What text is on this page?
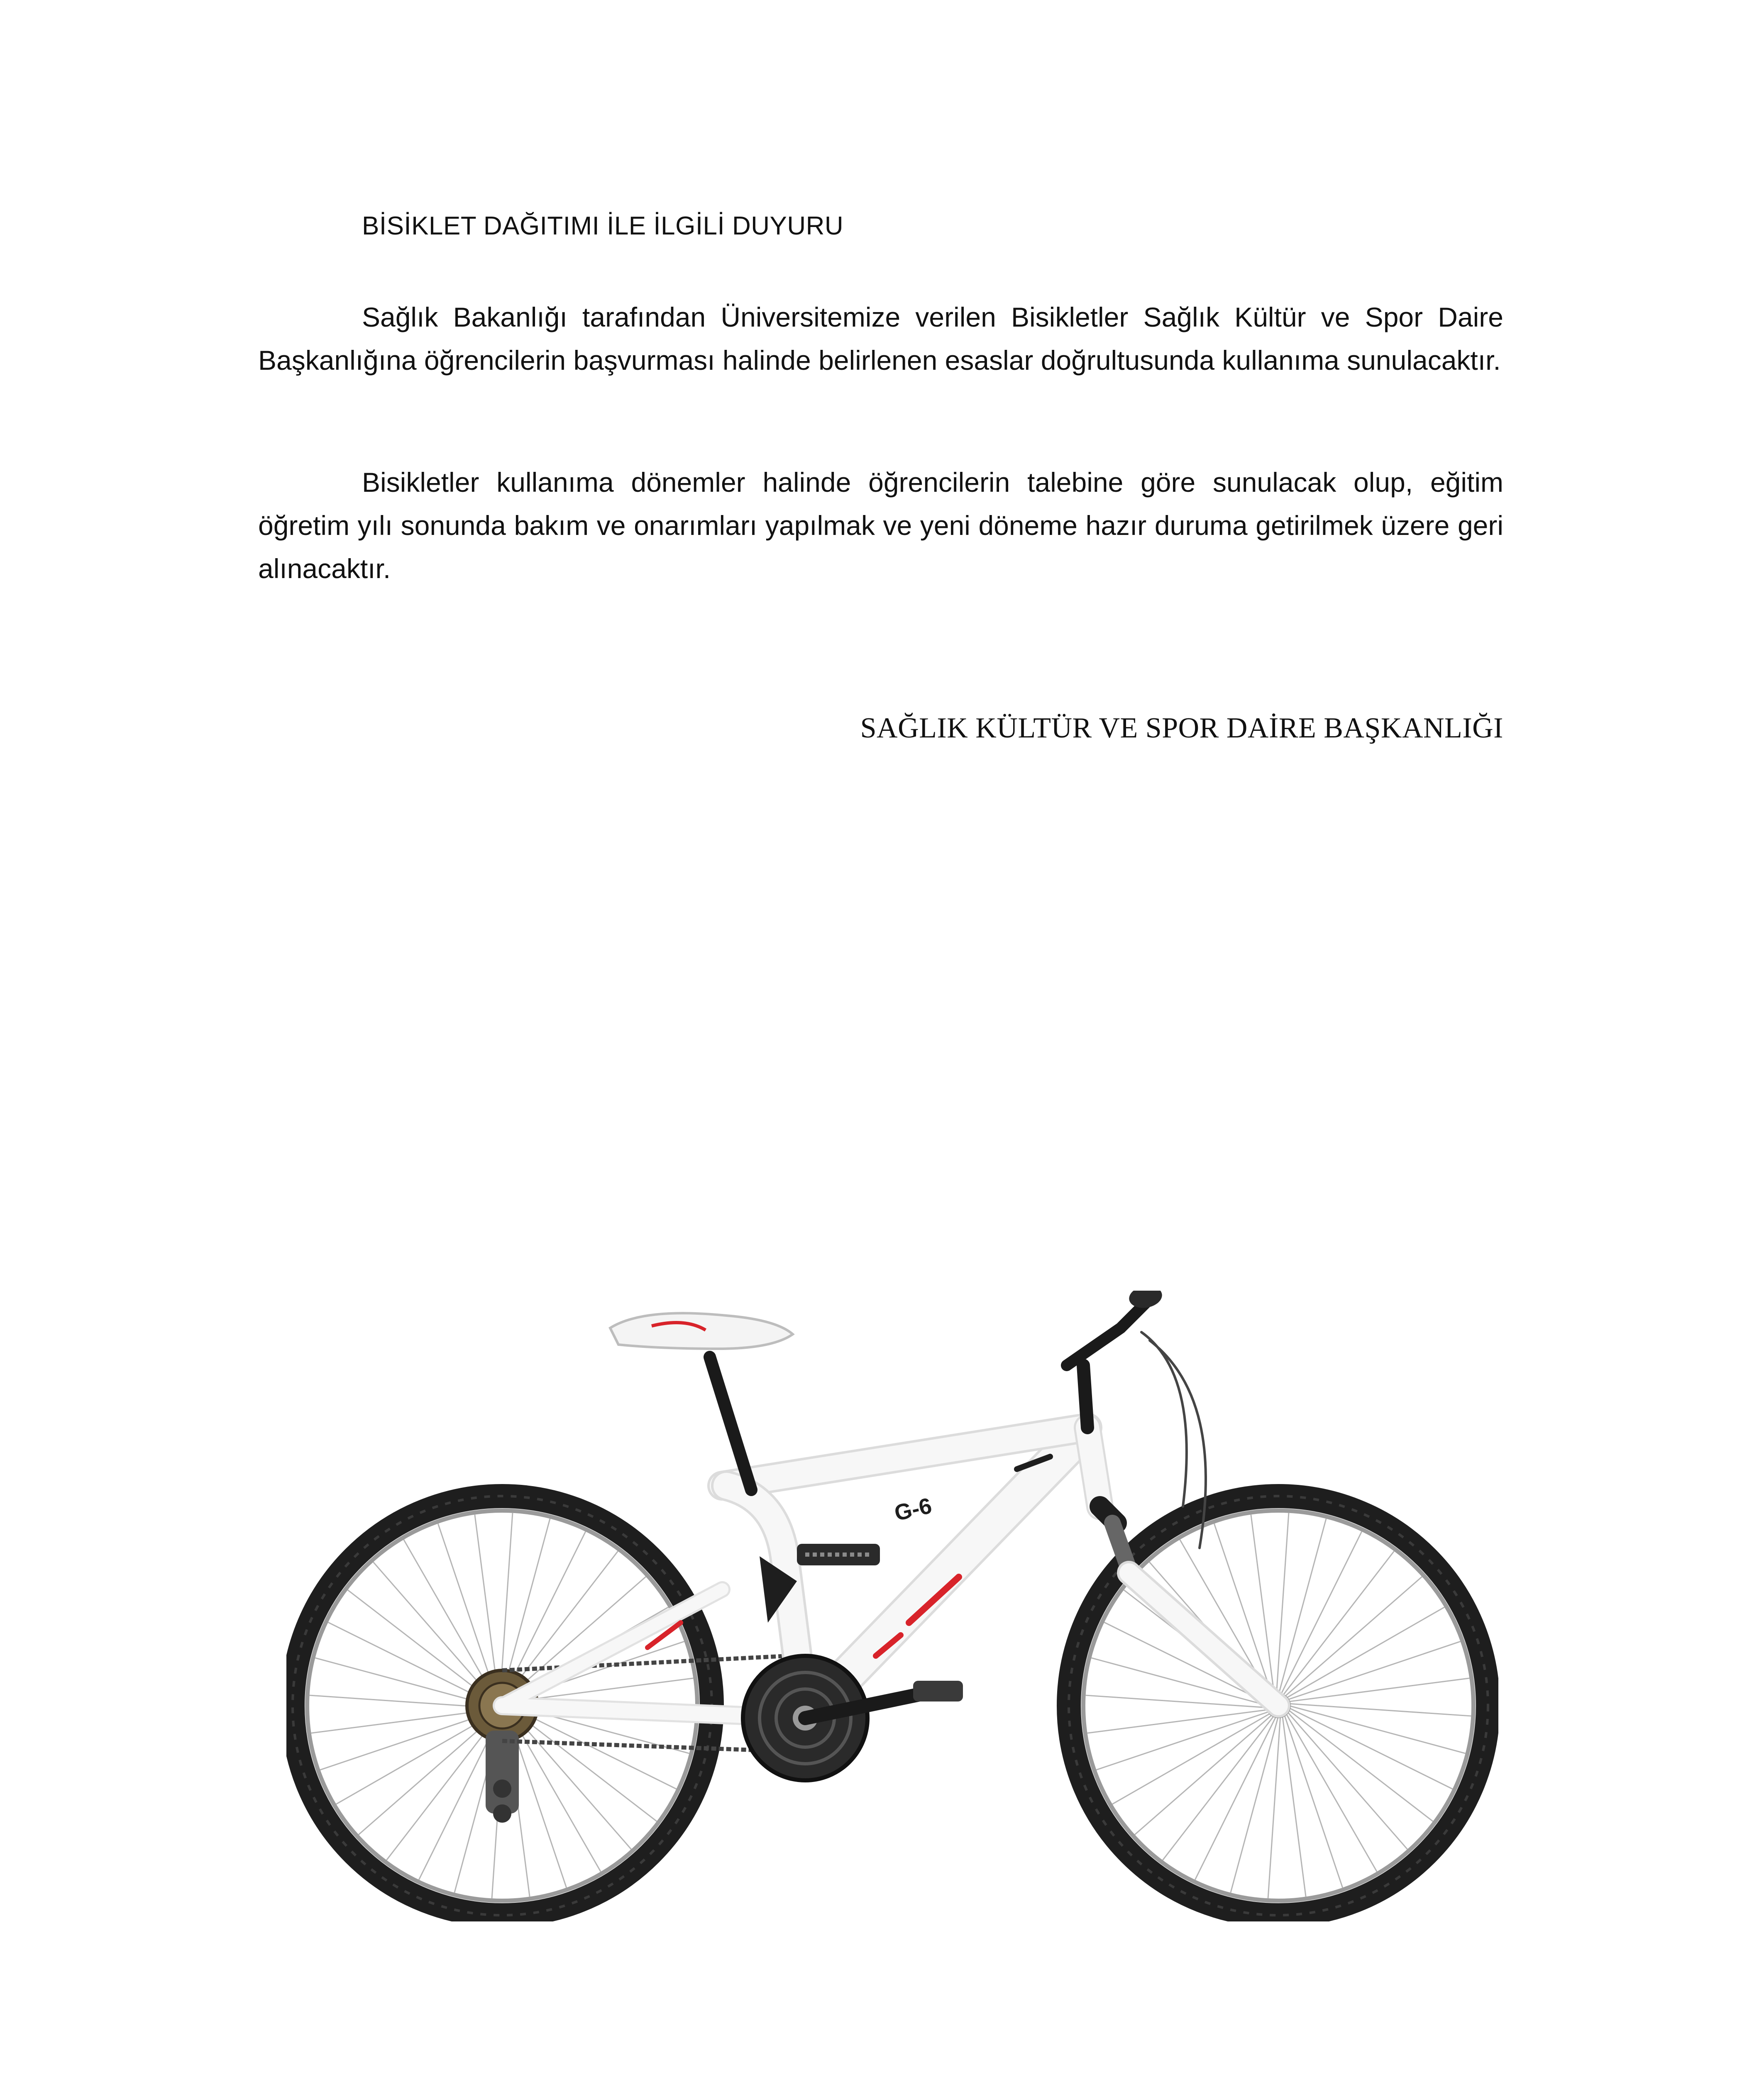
BİSİKLET DAĞITIMI İLE İLGİLİ DUYURU

Sağlık Bakanlığı tarafından Üniversitemize verilen Bisikletler Sağlık Kültür ve Spor Daire Başkanlığına öğrencilerin başvurması halinde belirlenen esaslar doğrultusunda kullanıma sunulacaktır.

Bisikletler kullanıma dönemler halinde öğrencilerin talebine göre sunulacak olup, eğitim öğretim yılı sonunda bakım ve onarımları yapılmak ve yeni döneme hazır duruma getirilmek üzere geri alınacaktır.

SAĞLIK KÜLTÜR VE SPOR DAİRE BAŞKANLIĞI
G-6
